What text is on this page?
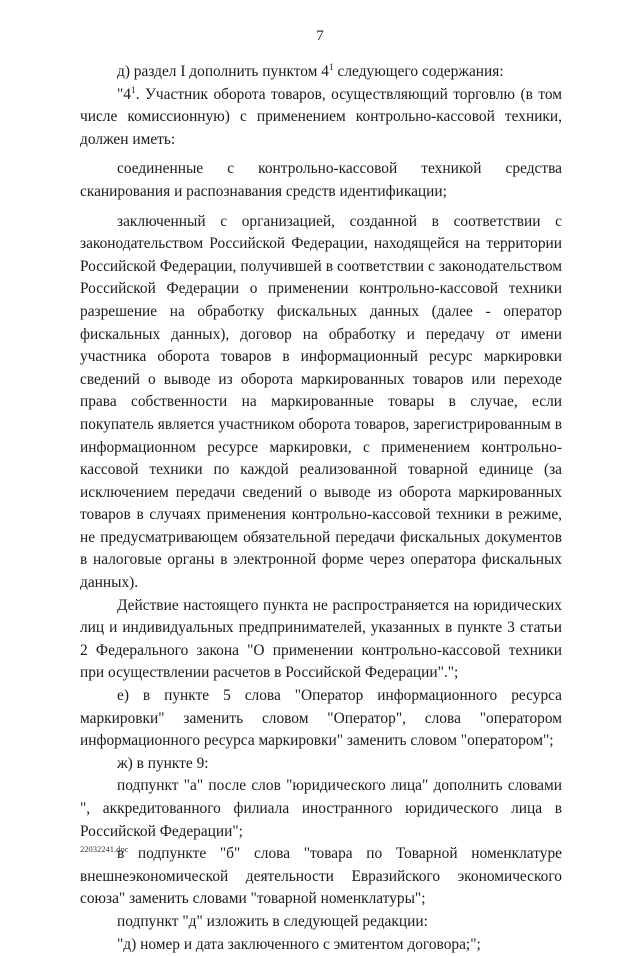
7

д) раздел I дополнить пунктом $4^1$ следующего содержания:

"$4^1$. Участник оборота товаров, осуществляющий торговлю (в том числе комиссионную) с применением контрольно-кассовой техники, должен иметь:

соединенные с контрольно-кассовой техникой средства сканирования и распознавания средств идентификации;

заключенный с организацией, созданной в соответствии с законодательством Российской Федерации, находящейся на территории Российской Федерации, получившей в соответствии с законодательством Российской Федерации о применении контрольно-кассовой техники разрешение на обработку фискальных данных (далее - оператор фискальных данных), договор на обработку и передачу от имени участника оборота товаров в информационный ресурс маркировки сведений о выводе из оборота маркированных товаров или переходе права собственности на маркированные товары в случае, если покупатель является участником оборота товаров, зарегистрированным в информационном ресурсе маркировки, с применением контрольно-кассовой техники по каждой реализованной товарной единице (за исключением передачи сведений о выводе из оборота маркированных товаров в случаях применения контрольно-кассовой техники в режиме, не предусматривающем обязательной передачи фискальных документов в налоговые органы в электронной форме через оператора фискальных данных).

Действие настоящего пункта не распространяется на юридических лиц и индивидуальных предпринимателей, указанных в пункте 3 статьи 2 Федерального закона "О применении контрольно-кассовой техники при осуществлении расчетов в Российской Федерации".";

е) в пункте 5 слова "Оператор информационного ресурса маркировки" заменить словом "Оператор", слова "оператором информационного ресурса маркировки" заменить словом "оператором";

ж) в пункте 9:

подпункт "а" после слов "юридического лица" дополнить словами ", аккредитованного филиала иностранного юридического лица в Российской Федерации";

в подпункте "б" слова "товара по Товарной номенклатуре внешнеэкономической деятельности Евразийского экономического союза" заменить словами "товарной номенклатуры";

подпункт "д" изложить в следующей редакции:

"д) номер и дата заключенного с эмитентом договора;";

22032241.doc
